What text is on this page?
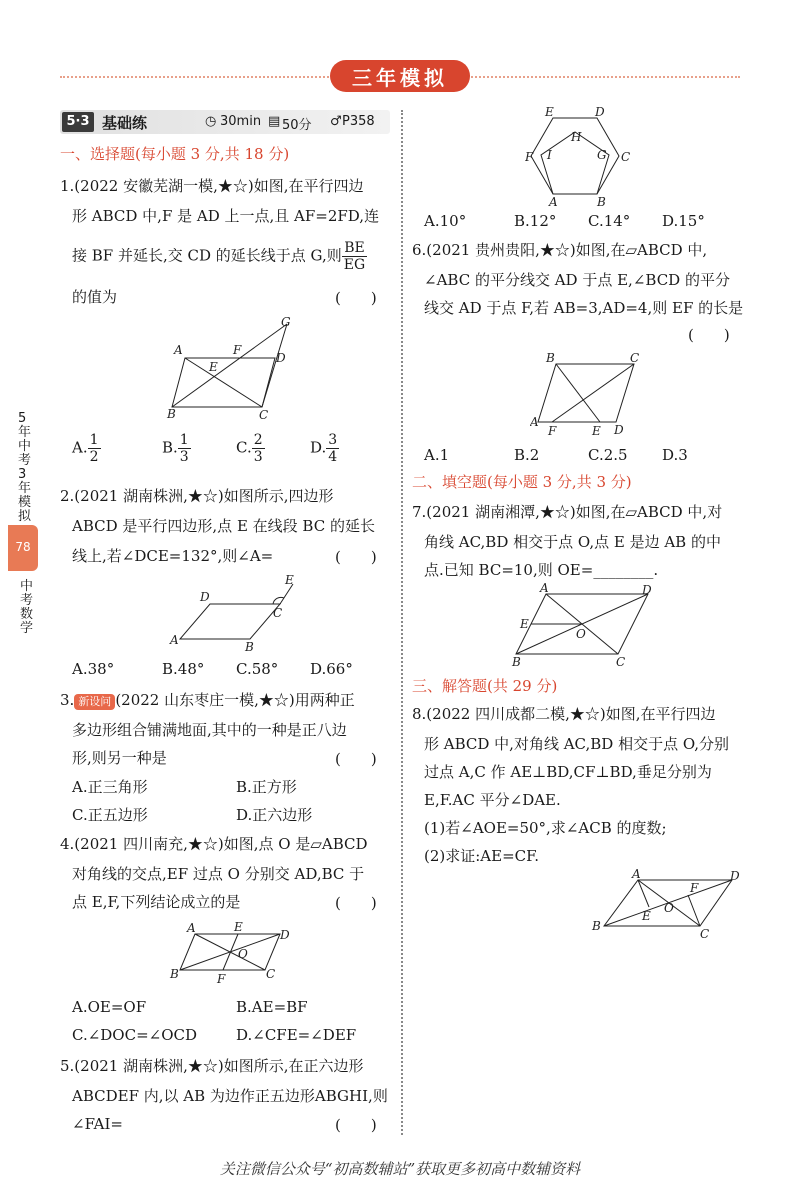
三年模拟
5·3 基础练	◷ 30min ▤ 50分 ♂ P358
5年中考3年模拟
78
中考数学
一、选择题(每小题 3 分,共 18 分)
1.(2022 安徽芜湖一模,★☆)如图,在平行四边
形 ABCD 中,F 是 AD 上一点,且 AF=2FD,连
接 BF 并延长,交 CD 的延长线于点 G,则 $\frac{BE}{EG}$
的值为	(　　)
A	F
D
G
E
B	C
A. $\frac{1}{2}$	B. $\frac{1}{3}$	C. $\frac{2}{3}$	D. $\frac{3}{4}$
2.(2021 湖南株洲,★☆)如图所示,四边形
ABCD 是平行四边形,点 E 在线段 BC 的延长
线上,若∠DCE=132°,则∠A=	(　　)
D
C
E
A	B
A.38°	B.48° C.58° D.66°
3. 新设问 (2022 山东枣庄一模,★☆)用两种正
多边形组合铺满地面,其中的一种是正八边
形,则另一种是	(　　)
A.正三角形	B.正方形
C.正五边形	D.正六边形
4.(2021 四川南充,★☆)如图,点 O 是▱ABCD
对角线的交点,EF 过点 O 分别交 AD,BC 于
点 E,F,下列结论成立的是	(　　)
A	E
D
O
B	F	C
A.OE=OF	B.AE=BF
C.∠DOC=∠OCD	D.∠CFE=∠DEF
5.(2021 湖南株洲,★☆)如图所示,在正六边形
ABCDEF 内,以 AB 为边作正五边形ABGHI,则
∠FAI=	(　　)
E	D
H
F I	G C
A	B
A.10°	B.12° C.14° D.15°
6.(2021 贵州贵阳,★☆)如图,在▱ABCD 中,
∠ABC 的平分线交 AD 于点 E,∠BCD 的平分
线交 AD 于点 F,若 AB=3,AD=4,则 EF 的长是
(　　)
B	C
A
F	E D
A.1	B.2	C.2.5 D.3
二、填空题(每小题 3 分,共 3 分)
7.(2021 湖南湘潭,★☆)如图,在▱ABCD 中,对
角线 AC,BD 相交于点 O,点 E 是边 AB 的中
点.已知 BC=10,则 OE=________.
A	D
E
O
B	C
三、解答题(共 29 分)
8.(2022 四川成都二模,★☆)如图,在平行四边
形 ABCD 中,对角线 AC,BD 相交于点 O,分别
过点 A,C 作 AE⊥BD,CF⊥BD,垂足分别为
E,F.AC 平分∠DAE.
(1)若∠AOE=50°,求∠ACB 的度数;
(2)求证:AE=CF.
A	D
F
O
E
B
C
关注微信公众号“初高数辅站”获取更多初高中数辅资料
